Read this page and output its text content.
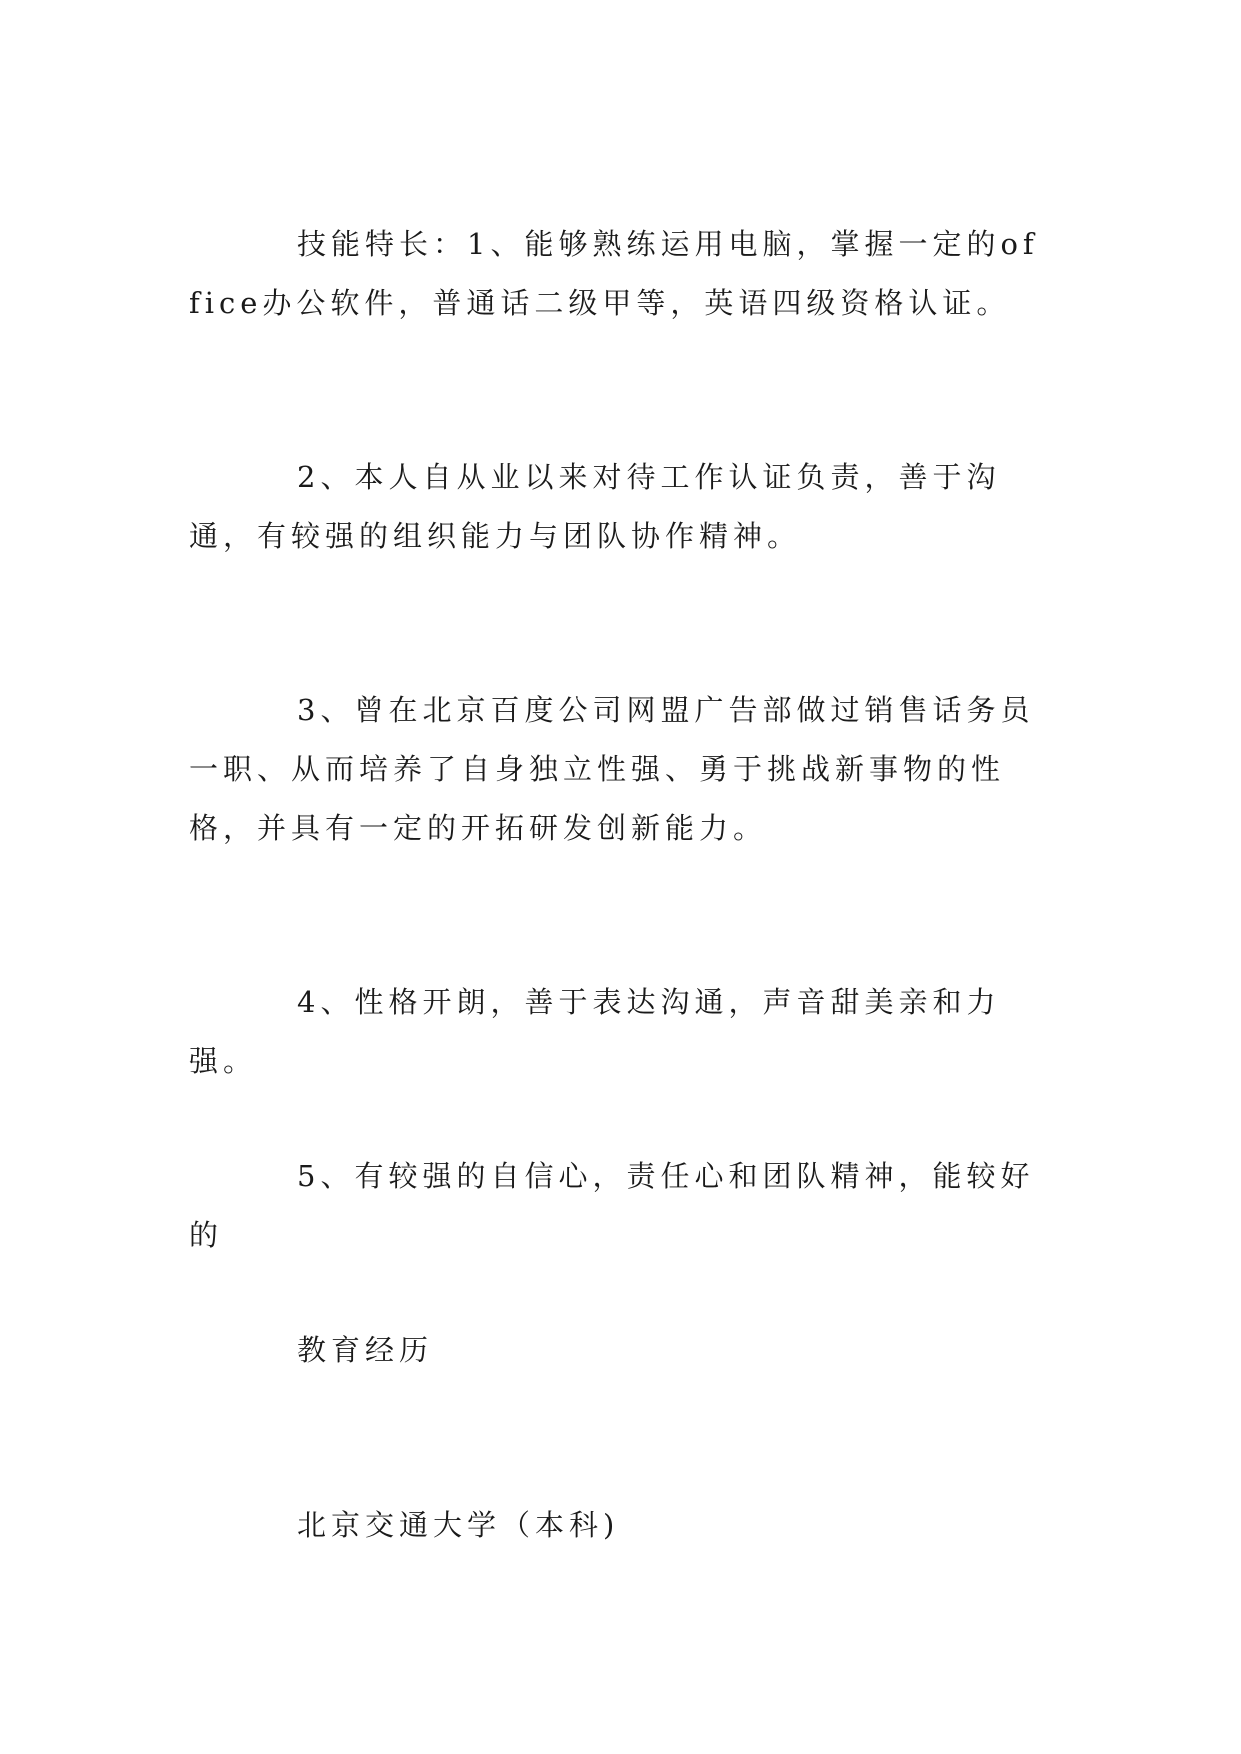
技能特长：1、能够熟练运用电脑，掌握一定的office办公软件，普通话二级甲等，英语四级资格认证。

2、本人自从业以来对待工作认证负责，善于沟通，有较强的组织能力与团队协作精神。

3、曾在北京百度公司网盟广告部做过销售话务员一职、从而培养了自身独立性强、勇于挑战新事物的性格，并具有一定的开拓研发创新能力。

4、性格开朗，善于表达沟通，声音甜美亲和力强。

5、有较强的自信心，责任心和团队精神，能较好的

教育经历

北京交通大学（本科)
